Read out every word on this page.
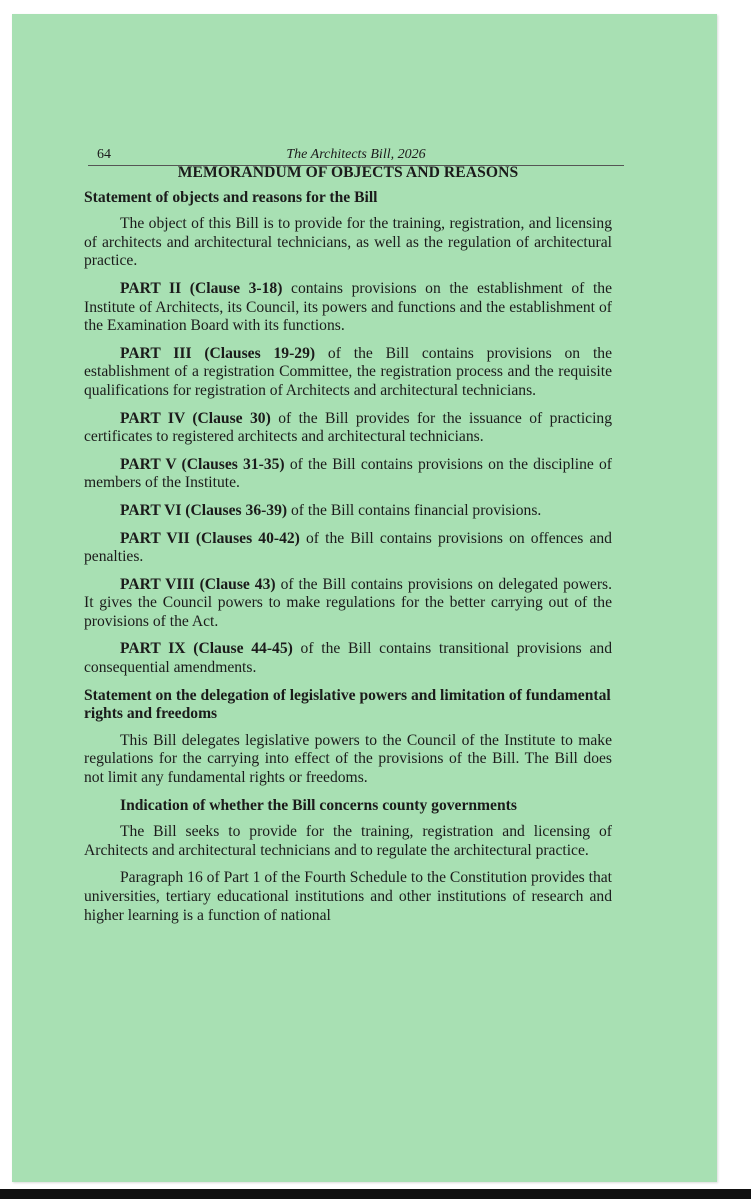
64	The Architects Bill, 2026
MEMORANDUM OF OBJECTS AND REASONS
Statement of objects and reasons for the Bill

The object of this Bill is to provide for the training, registration, and licensing of architects and architectural technicians, as well as the regulation of architectural practice.

PART II (Clause 3-18) contains provisions on the establishment of the Institute of Architects, its Council, its powers and functions and the establishment of the Examination Board with its functions.

PART III (Clauses 19-29) of the Bill contains provisions on the establishment of a registration Committee, the registration process and the requisite qualifications for registration of Architects and architectural technicians.

PART IV (Clause 30) of the Bill provides for the issuance of practicing certificates to registered architects and architectural technicians.

PART V (Clauses 31-35) of the Bill contains provisions on the discipline of members of the Institute.

PART VI (Clauses 36-39) of the Bill contains financial provisions.

PART VII (Clauses 40-42) of the Bill contains provisions on offences and penalties.

PART VIII (Clause 43) of the Bill contains provisions on delegated powers. It gives the Council powers to make regulations for the better carrying out of the provisions of the Act.

PART IX (Clause 44-45) of the Bill contains transitional provisions and consequential amendments.

Statement on the delegation of legislative powers and limitation of fundamental rights and freedoms

This Bill delegates legislative powers to the Council of the Institute to make regulations for the carrying into effect of the provisions of the Bill. The Bill does not limit any fundamental rights or freedoms.

Indication of whether the Bill concerns county governments

The Bill seeks to provide for the training, registration and licensing of Architects and architectural technicians and to regulate the architectural practice.

Paragraph 16 of Part 1 of the Fourth Schedule to the Constitution provides that universities, tertiary educational institutions and other institutions of research and higher learning is a function of national
